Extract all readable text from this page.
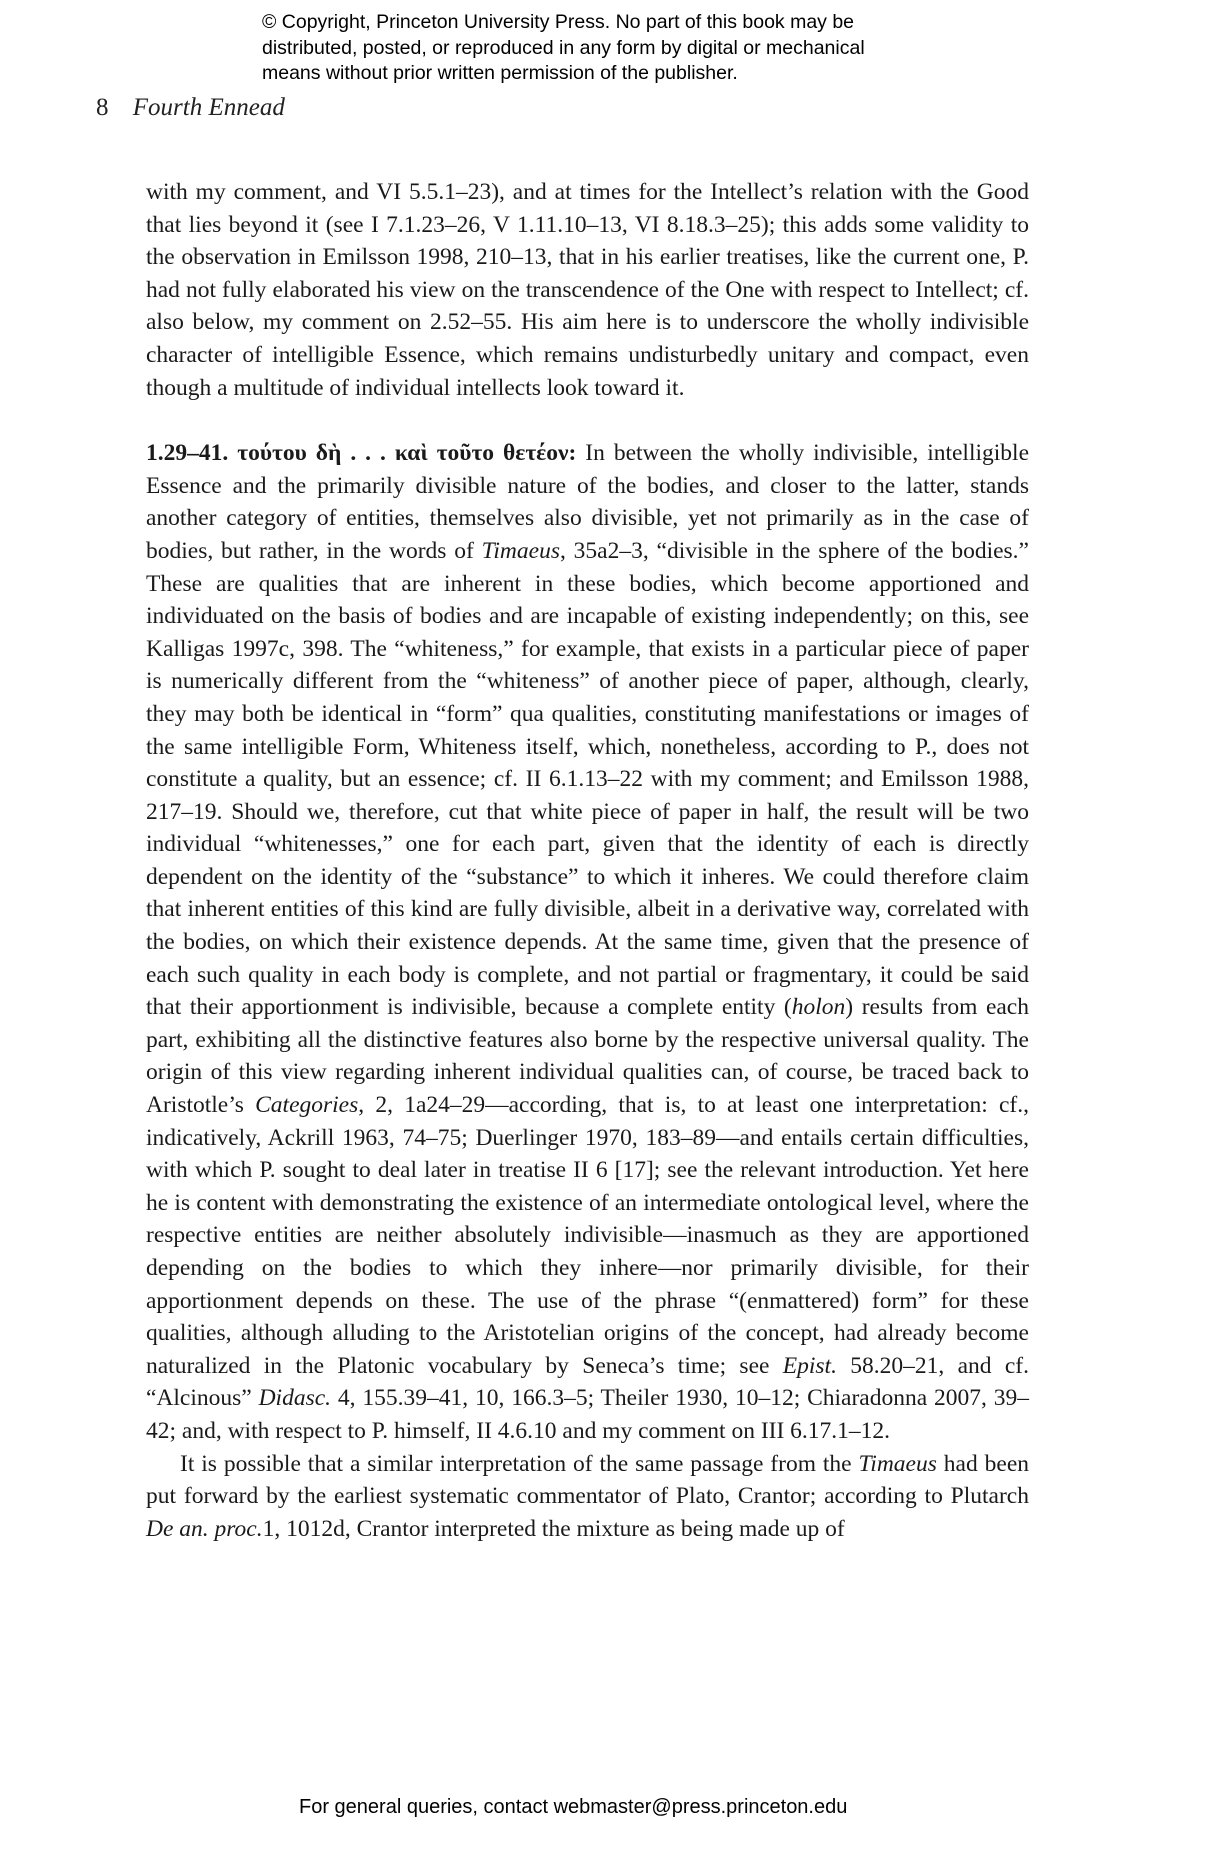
© Copyright, Princeton University Press. No part of this book may be
distributed, posted, or reproduced in any form by digital or mechanical
means without prior written permission of the publisher.
8 Fourth Ennead

with my comment, and VI 5.5.1–23), and at times for the Intellect’s relation with the Good that lies beyond it (see I 7.1.23–26, V 1.11.10–13, VI 8.18.3–25); this adds some validity to the observation in Emilsson 1998, 210–13, that in his earlier treatises, like the current one, P. had not fully elaborated his view on the transcendence of the One with respect to Intellect; cf. also below, my comment on 2.52–55. His aim here is to underscore the wholly indivisible character of intelligible Essence, which remains undisturbedly unitary and compact, even though a multitude of individual intellects look toward it.

1.29–41. τούτου δὴ . . . καὶ τοῦτο θετέον: In between the wholly indivisible, intelligible Essence and the primarily divisible nature of the bodies, and closer to the latter, stands another category of entities, themselves also divisible, yet not primarily as in the case of bodies, but rather, in the words of Timaeus, 35a2–3, “divisible in the sphere of the bodies.” These are qualities that are inherent in these bodies, which become apportioned and individuated on the basis of bodies and are incapable of existing independently; on this, see Kalligas 1997c, 398. The “whiteness,” for example, that exists in a particular piece of paper is numerically different from the “whiteness” of another piece of paper, although, clearly, they may both be identical in “form” qua qualities, constituting manifestations or images of the same intelligible Form, Whiteness itself, which, nonetheless, according to P., does not constitute a quality, but an essence; cf. II 6.1.13–22 with my comment; and Emilsson 1988, 217–19. Should we, therefore, cut that white piece of paper in half, the result will be two individual “whitenesses,” one for each part, given that the identity of each is directly dependent on the identity of the “substance” to which it inheres. We could therefore claim that inherent entities of this kind are fully divisible, albeit in a derivative way, correlated with the bodies, on which their existence depends. At the same time, given that the presence of each such quality in each body is complete, and not partial or fragmentary, it could be said that their apportionment is indivisible, because a complete entity (holon) results from each part, exhibiting all the distinctive features also borne by the respective universal quality. The origin of this view regarding inherent individual qualities can, of course, be traced back to Aristotle’s Categories, 2, 1a24–29—according, that is, to at least one interpretation: cf., indicatively, Ackrill 1963, 74–75; Duerlinger 1970, 183–89—and entails certain difficulties, with which P. sought to deal later in treatise II 6 [17]; see the relevant introduction. Yet here he is content with demonstrating the existence of an intermediate ontological level, where the respective entities are neither absolutely indivisible—inasmuch as they are apportioned depending on the bodies to which they inhere—nor primarily divisible, for their apportionment depends on these. The use of the phrase “(enmattered) form” for these qualities, although alluding to the Aristotelian origins of the concept, had already become naturalized in the Platonic vocabulary by Seneca’s time; see Epist. 58.20–21, and cf. “Alcinous” Didasc. 4, 155.39–41, 10, 166.3–5; Theiler 1930, 10–12; Chiaradonna 2007, 39–42; and, with respect to P. himself, II 4.6.10 and my comment on III 6.17.1–12.

It is possible that a similar interpretation of the same passage from the Timaeus had been put forward by the earliest systematic commentator of Plato, Crantor; according to Plutarch De an. proc.1, 1012d, Crantor interpreted the mixture as being made up of

For general queries, contact webmaster@press.princeton.edu
